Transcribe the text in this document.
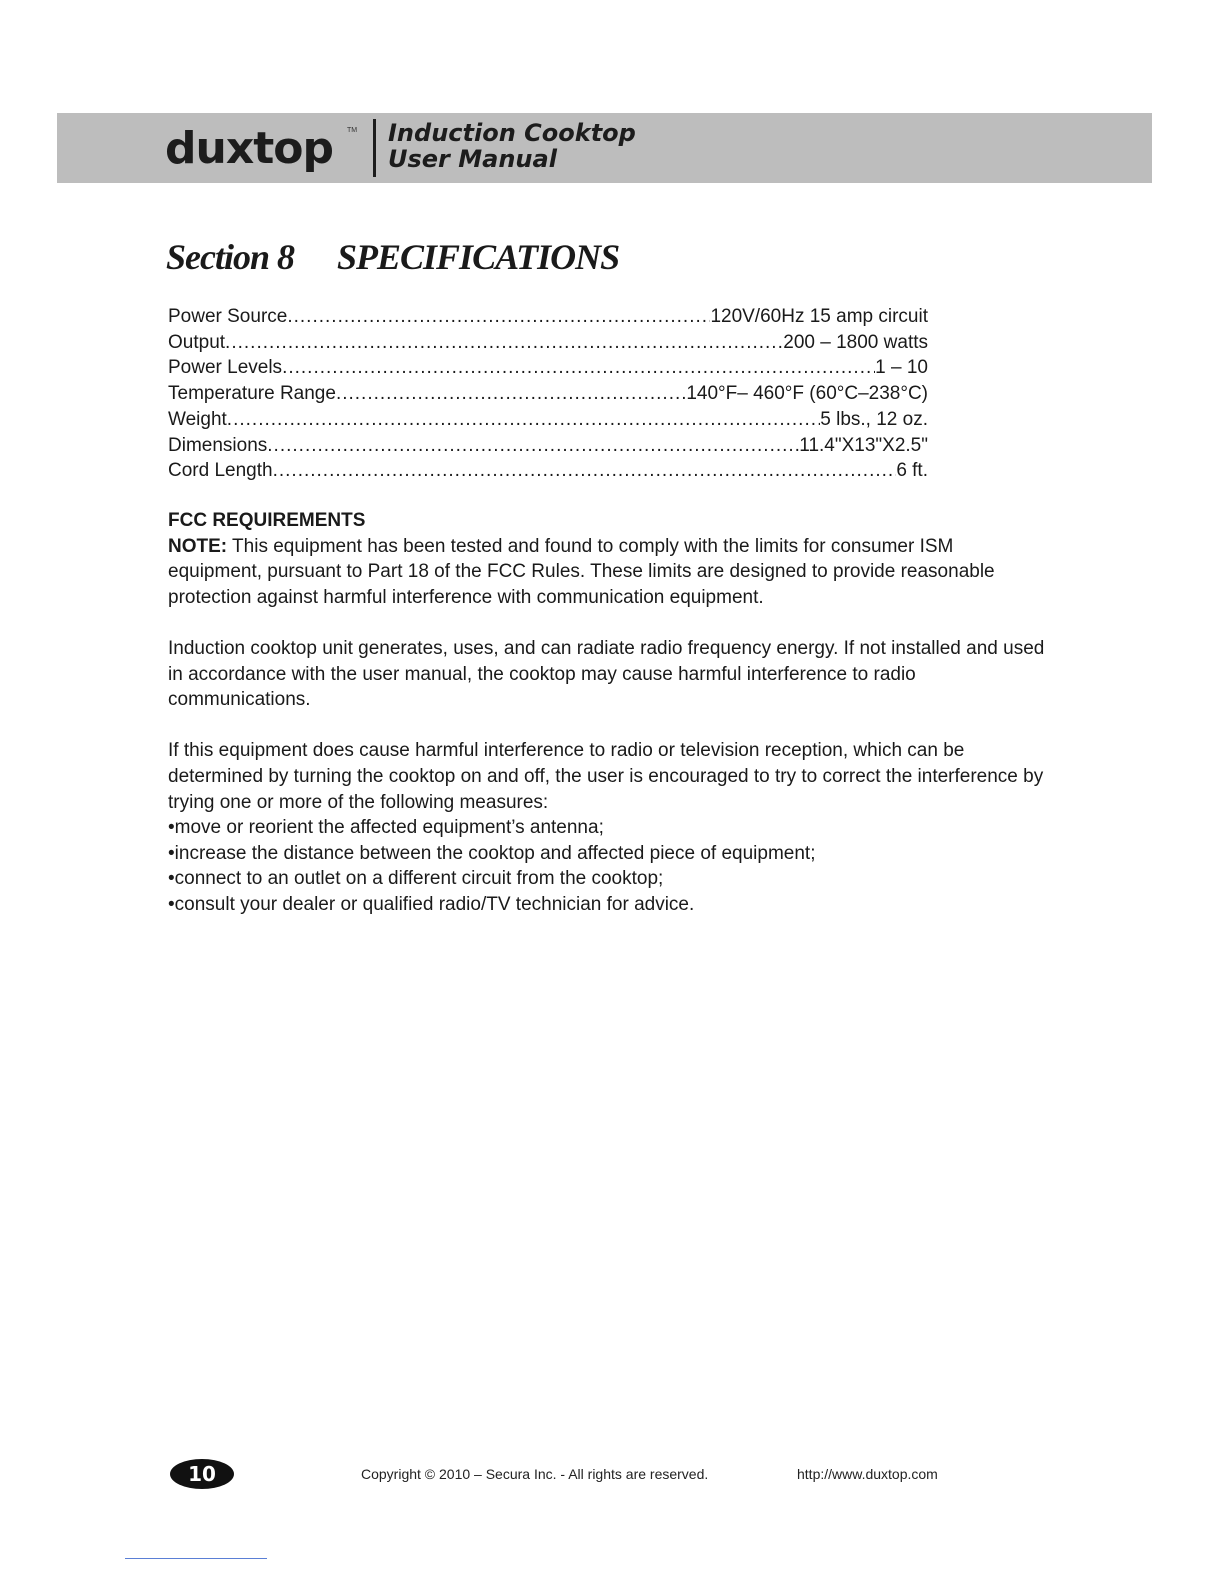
duxtop TM Induction Cooktop
User Manual
Section 8 SPECIFICATIONS
Power Source .....	120V/60Hz 15 amp circuit
Output .....	200 – 1800 watts
Power Levels .....	1 – 10
Temperature Range .....	140°F– 460°F (60°C–238°C)
Weight .....	5 lbs., 12 oz.
Dimensions .....	11.4"X13"X2.5"
Cord Length .....	6 ft.
FCC REQUIREMENTS

NOTE: This equipment has been tested and found to comply with the limits for consumer ISM equipment, pursuant to Part 18 of the FCC Rules. These limits are designed to provide reasonable protection against harmful interference with communication equipment.

Induction cooktop unit generates, uses, and can radiate radio frequency energy. If not installed and used in accordance with the user manual, the cooktop may cause harmful interference to radio communications.

If this equipment does cause harmful interference to radio or television reception, which can be determined by turning the cooktop on and off, the user is encouraged to try to correct the interference by trying one or more of the following measures:
• move or reorient the affected equipment’s antenna;
• increase the distance between the cooktop and affected piece of equipment;
• connect to an outlet on a different circuit from the cooktop;
• consult your dealer or qualified radio/TV technician for advice.
10	Copyright © 2010 – Secura Inc. - All rights are reserved.	http://www.duxtop.com
